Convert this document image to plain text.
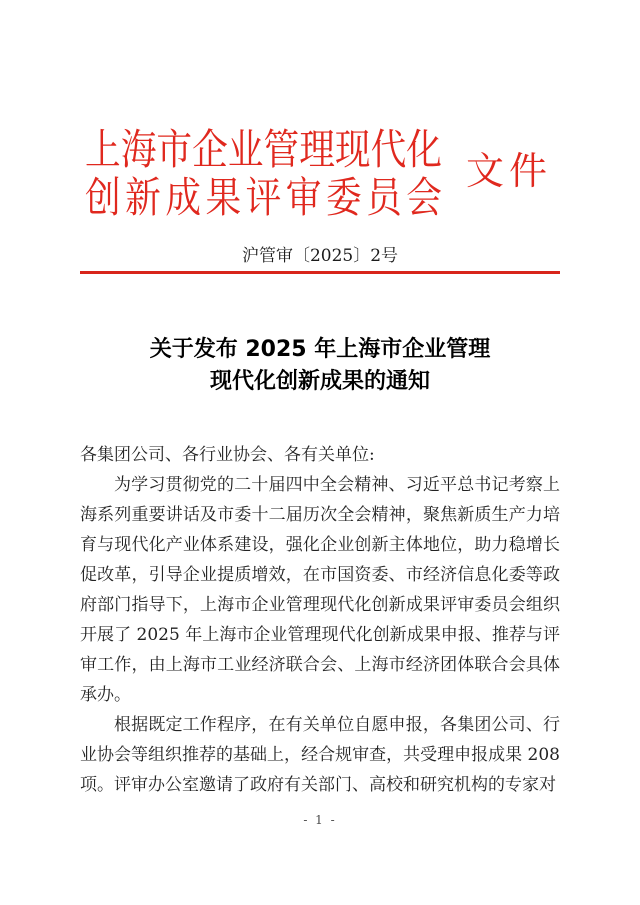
上海市企业管理现代化
创新成果评审委员会
文件
沪管审〔2025〕2号
关于发布 2025 年上海市企业管理
现代化创新成果的通知

各集团公司、各行业协会、各有关单位:

为学习贯彻党的二十届四中全会精神、习近平总书记考察上海系列重要讲话及市委十二届历次全会精神，聚焦新质生产力培育与现代化产业体系建设，强化企业创新主体地位，助力稳增长促改革，引导企业提质增效，在市国资委、市经济信息化委等政府部门指导下，上海市企业管理现代化创新成果评审委员会组织开展了 2025 年上海市企业管理现代化创新成果申报、推荐与评审工作，由上海市工业经济联合会、上海市经济团体联合会具体承办。

根据既定工作程序，在有关单位自愿申报，各集团公司、行业协会等组织推荐的基础上，经合规审查，共受理申报成果 208 项。评审办公室邀请了政府有关部门、高校和研究机构的专家对

- 1 -
